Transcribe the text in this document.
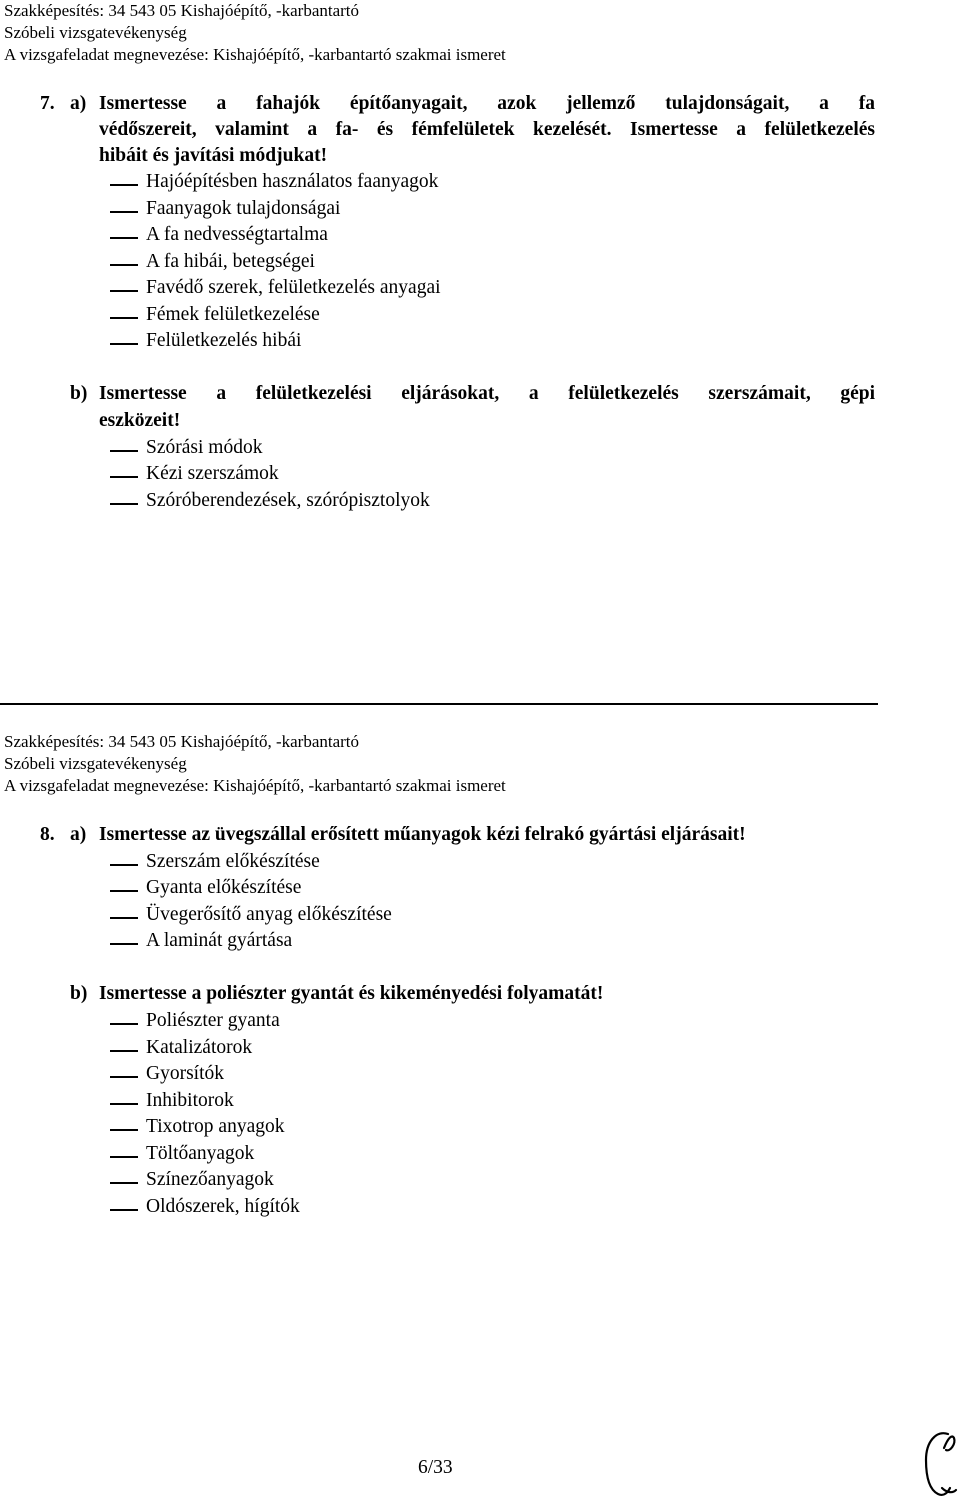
Szakképesítés: 34 543 05 Kishajóépítő, -karbantartó
Szóbeli vizsgatevékenység
A vizsgafeladat megnevezése: Kishajóépítő, -karbantartó szakmai ismeret
7. a) Ismertesse a fahajók építőanyagait, azok jellemző tulajdonságait, a fa
védőszereit, valamint a fa- és fémfelületek kezelését. Ismertesse a felületkezelés
hibáit és javítási módjukat!
Hajóépítésben használatos faanyagok
Faanyagok tulajdonságai
A fa nedvességtartalma
A fa hibái, betegségei
Favédő szerek, felületkezelés anyagai
Fémek felületkezelése
Felületkezelés hibái
b) Ismertesse a felületkezelési eljárásokat, a felületkezelés szerszámait, gépi
eszközeit!
Szórási módok
Kézi szerszámok
Szóróberendezések, szórópisztolyok
Szakképesítés: 34 543 05 Kishajóépítő, -karbantartó
Szóbeli vizsgatevékenység
A vizsgafeladat megnevezése: Kishajóépítő, -karbantartó szakmai ismeret
8. a) Ismertesse az üvegszállal erősített műanyagok kézi felrakó gyártási eljárásait!
Szerszám előkészítése
Gyanta előkészítése
Üvegerősítő anyag előkészítése
A laminát gyártása
b) Ismertesse a poliészter gyantát és kikeményedési folyamatát!
Poliészter gyanta
Katalizátorok
Gyorsítók
Inhibitorok
Tixotrop anyagok
Töltőanyagok
Színezőanyagok
Oldószerek, hígítók
6/33
